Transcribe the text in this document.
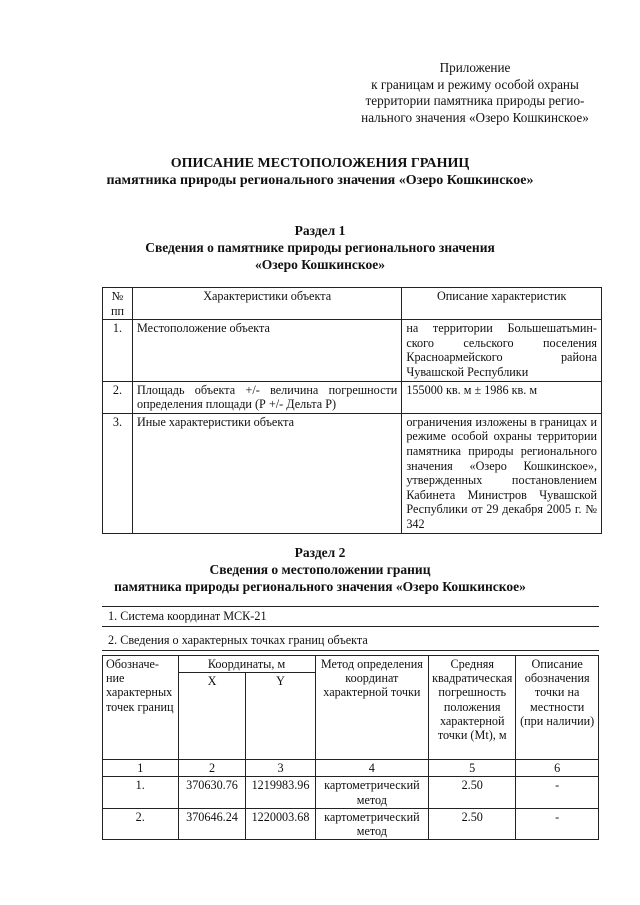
Приложение
к границам и режиму особой охраны
территории памятника природы регио-
нального значения «Озеро Кошкинское»
ОПИСАНИЕ МЕСТОПОЛОЖЕНИЯ ГРАНИЦ
памятника природы регионального значения «Озеро Кошкинское»
Раздел 1
Сведения о памятнике природы регионального значения
«Озеро Кошкинское»
№
пп	Характеристики объекта	Описание характеристик
1.	Местоположение объекта	на территории Большешатьмин-ского сельского поселения Красноармейского района Чувашской Республики
2.	Площадь объекта +/- величина погрешности определения площади (Р +/- Дельта Р)	155000 кв. м ± 1986 кв. м
3.	Иные характеристики объекта	ограничения изложены в границах и режиме особой охраны территории памятника природы регионального значения «Озеро Кошкинское», утвержденных постановлением Кабинета Министров Чувашской Республики от 29 декабря 2005 г. № 342
Раздел 2
Сведения о местоположении границ
памятника природы регионального значения «Озеро Кошкинское»
1. Система координат МСК-21
2. Сведения о характерных точках границ объекта
Обозначе-ние характерных точек границ	Координаты, м		Метод определения координат характерной точки	Средняя квадратическая погрешность положения характерной точки (Mt), м	Описание обозначения точки на местности (при наличии)
	X	Y			
1	2	3	4	5	6
1.	370630.76	1219983.96	картометрический метод	2.50	-
2.	370646.24	1220003.68	картометрический метод	2.50	-
